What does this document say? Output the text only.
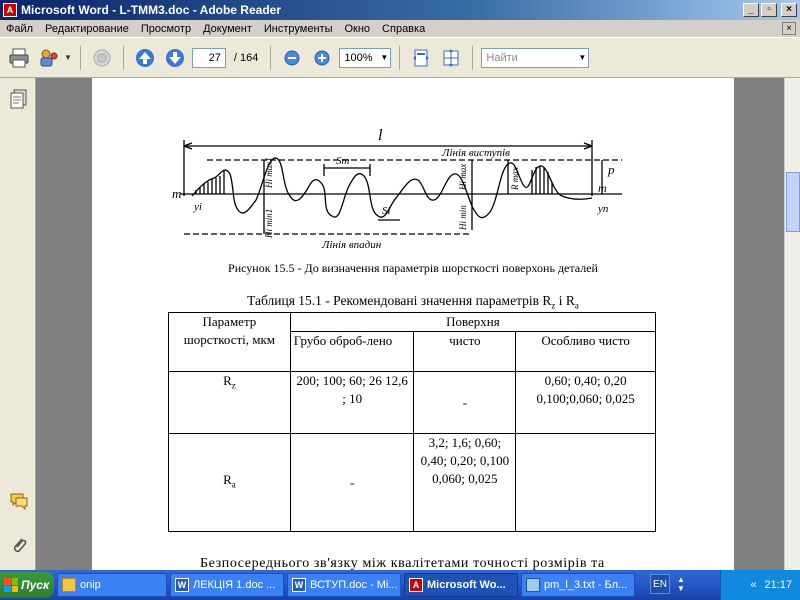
A Microsoft Word - L-TMM3.doc - Adobe Reader	_	▫	×
Файл	Редактирование	Просмотр	Документ	Инструменты	Окно	Справка	×
▼	27	/ 164	100% ▼	Найти	▼
l
Лінія виступів
Лінія впадин
m	m
Sm
Si
yi	yn
p
Hi max1
Hi min1
Hi max
Hi min
R max
Рисунок 15.5 - До визначення параметрів шорсткості поверхонь деталей
Таблиця 15.1 - Рекомендовані значення параметрів $R_z$ і $R_a$
Параметр шорсткості, мкм	Поверхня		
	Грубо оброб-лено	чисто	Особливо чисто
$R_z$	200; 100; 60; 26 12,6 ; 10	-	0,60; 0,40; 0,20 0,100;0,060; 0,025
$R_a$	-	3,2; 1,6; 0,60; 0,40; 0,20; 0,100 0,060; 0,025	
Безпосереднього зв'язку між квалітетами точності розмірів та
Пуск	onip	W ЛЕКЦІЯ 1.doc ...	W ВСТУП.doc - Mi...	A Microsoft Wo...	pm_l_3.txt - Бл...	EN	▲
▼	« 21:17
